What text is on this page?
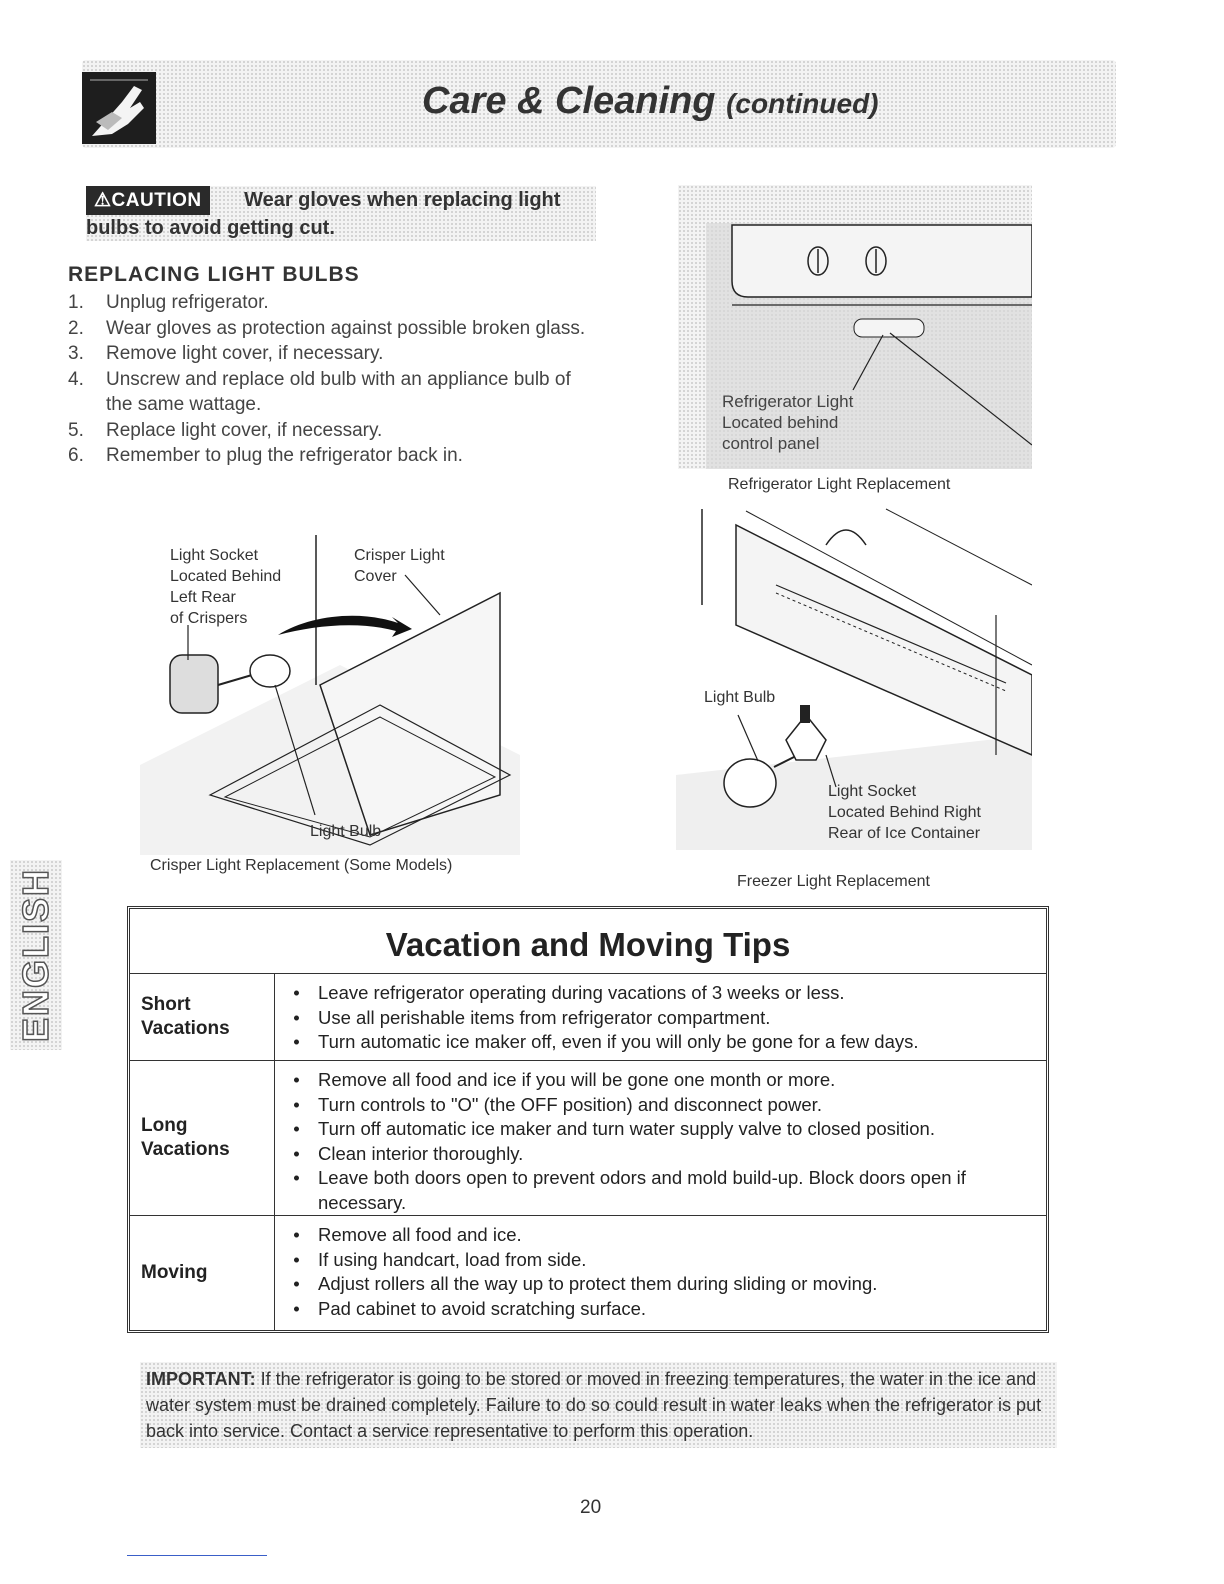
Care & Cleaning (continued)
⚠CAUTION Wear gloves when replacing light bulbs to avoid getting cut.
REPLACING LIGHT BULBS
1.	Unplug refrigerator.
2.	Wear gloves as protection against possible broken glass.
3.	Remove light cover, if necessary.
4.	Unscrew and replace old bulb with an appliance bulb of the same wattage.
5.	Replace light cover, if necessary.
6.	Remember to plug the refrigerator back in.
Light Socket
Located Behind
Left Rear
of Crispers
Crisper Light
Cover
Light Bulb
Crisper Light Replacement (Some Models)
Refrigerator Light
Located behind
control panel
Refrigerator Light Replacement
Light Bulb
Light Socket
Located Behind Right
Rear of Ice Container
Freezer Light Replacement
ENGLISH	Vacation and Moving Tips
Short
Vacations
• Leave refrigerator operating during vacations of 3 weeks or less.
• Use all perishable items from refrigerator compartment.
• Turn automatic ice maker off, even if you will only be gone for a few days.
Long
Vacations
• Remove all food and ice if you will be gone one month or more.
• Turn controls to "O" (the OFF position) and disconnect power.
• Turn off automatic ice maker and turn water supply valve to closed position.
• Clean interior thoroughly.
• Leave both doors open to prevent odors and mold build-up. Block doors open if necessary.
Moving
• Remove all food and ice.
• If using handcart, load from side.
• Adjust rollers all the way up to protect them during sliding or moving.
• Pad cabinet to avoid scratching surface.
IMPORTANT: If the refrigerator is going to be stored or moved in freezing temperatures, the water in the ice and water system must be drained completely. Failure to do so could result in water leaks when the refrigerator is put back into service. Contact a service representative to perform this operation.
20
